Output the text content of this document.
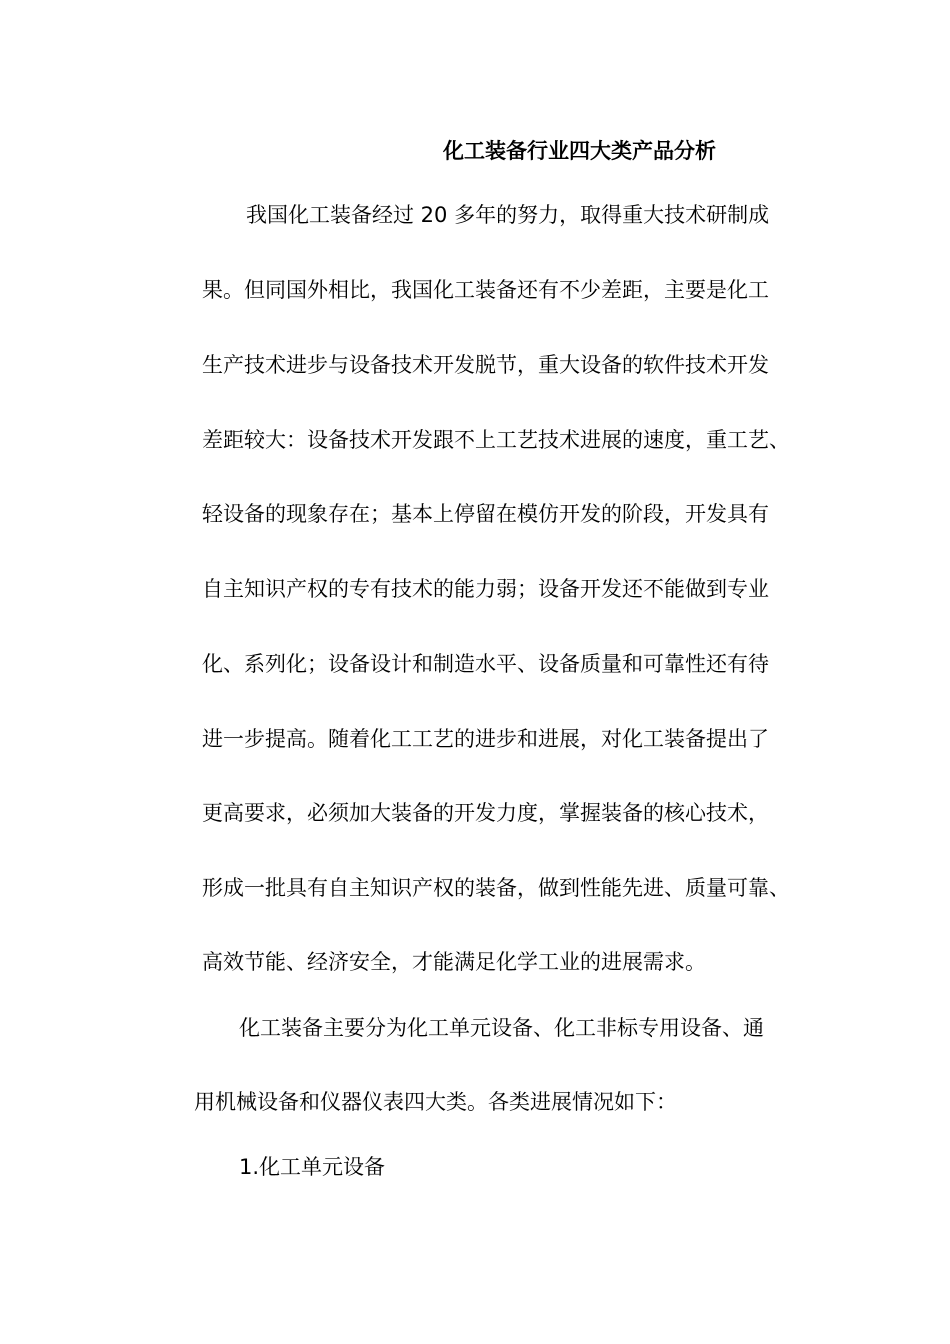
化工装备行业四大类产品分析
我国化工装备经过 20 多年的努力，取得重大技术研制成
果。但同国外相比，我国化工装备还有不少差距，主要是化工
生产技术进步与设备技术开发脱节，重大设备的软件技术开发
差距较大：设备技术开发跟不上工艺技术进展的速度，重工艺、
轻设备的现象存在；基本上停留在模仿开发的阶段，开发具有
自主知识产权的专有技术的能力弱；设备开发还不能做到专业
化、系列化；设备设计和制造水平、设备质量和可靠性还有待
进一步提高。随着化工工艺的进步和进展，对化工装备提出了
更高要求，必须加大装备的开发力度，掌握装备的核心技术，
形成一批具有自主知识产权的装备，做到性能先进、质量可靠、
高效节能、经济安全，才能满足化学工业的进展需求。
化工装备主要分为化工单元设备、化工非标专用设备、通
用机械设备和仪器仪表四大类。各类进展情况如下：
1.化工单元设备
